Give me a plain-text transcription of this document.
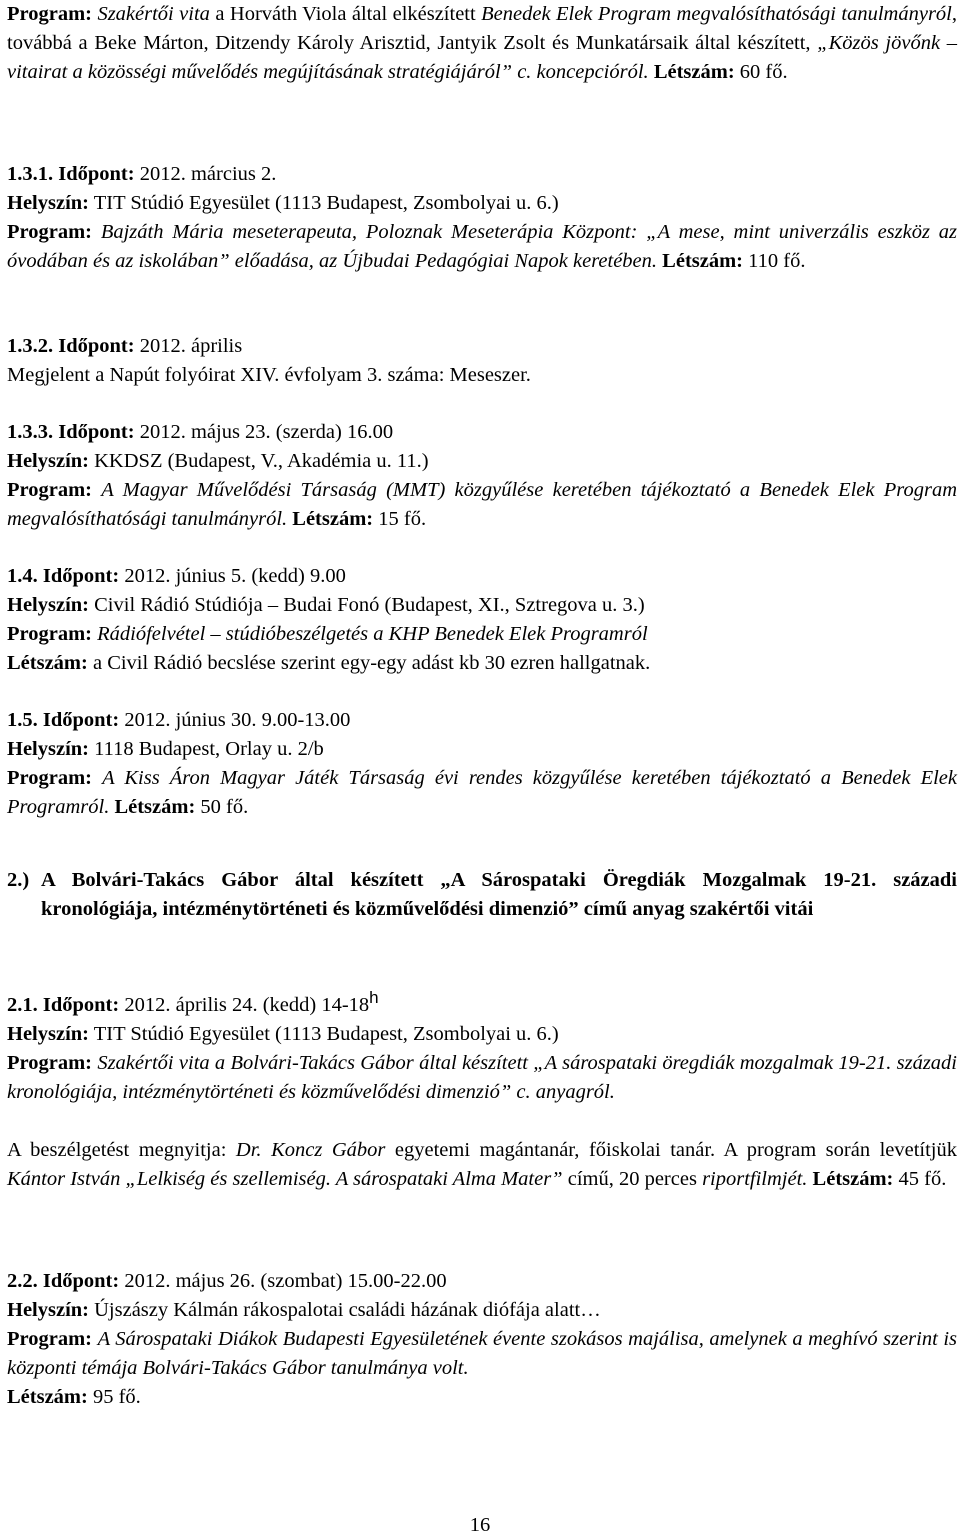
Program: Szakértői vita a Horváth Viola által elkészített Benedek Elek Program megvalósíthatósági tanulmányról, továbbá a Beke Márton, Ditzendy Károly Arisztid, Jantyik Zsolt és Munkatársaik által készített, „Közös jövőnk – vitairat a közösségi művelődés megújításának stratégiájáról” c. koncepcióról. Létszám: 60 fő.

1.3.1. Időpont: 2012. március 2.

Helyszín: TIT Stúdió Egyesület (1113 Budapest, Zsombolyai u. 6.)

Program: Bajzáth Mária meseterapeuta, Poloznak Meseterápia Központ: „A mese, mint univerzális eszköz az óvodában és az iskolában” előadása, az Újbudai Pedagógiai Napok keretében. Létszám: 110 fő.

1.3.2. Időpont: 2012. április

Megjelent a Napút folyóirat XIV. évfolyam 3. száma: Meseszer.

1.3.3. Időpont: 2012. május 23. (szerda) 16.00

Helyszín: KKDSZ (Budapest, V., Akadémia u. 11.)

Program: A Magyar Művelődési Társaság (MMT) közgyűlése keretében tájékoztató a Benedek Elek Program megvalósíthatósági tanulmányról. Létszám: 15 fő.

1.4. Időpont: 2012. június 5. (kedd) 9.00

Helyszín: Civil Rádió Stúdiója – Budai Fonó (Budapest, XI., Sztregova u. 3.)

Program: Rádiófelvétel – stúdióbeszélgetés a KHP Benedek Elek Programról

Létszám: a Civil Rádió becslése szerint egy-egy adást kb 30 ezren hallgatnak.

1.5. Időpont: 2012. június 30. 9.00-13.00

Helyszín: 1118 Budapest, Orlay u. 2/b

Program: A Kiss Áron Magyar Játék Társaság évi rendes közgyűlése keretében tájékoztató a Benedek Elek Programról. Létszám: 50 fő.

2.) A Bolvári-Takács Gábor által készített „A Sárospataki Öregdiák Mozgalmak 19-21. századi kronológiája, intézménytörténeti és közművelődési dimenzió” című anyag szakértői vitái

2.1. Időpont: 2012. április 24. (kedd) 14-18$^h$

Helyszín: TIT Stúdió Egyesület (1113 Budapest, Zsombolyai u. 6.)

Program: Szakértői vita a Bolvári-Takács Gábor által készített „A sárospataki öregdiák mozgalmak 19-21. századi kronológiája, intézménytörténeti és közművelődési dimenzió” c. anyagról.

A beszélgetést megnyitja: Dr. Koncz Gábor egyetemi magántanár, főiskolai tanár. A program során levetítjük Kántor István „Lelkiség és szellemiség. A sárospataki Alma Mater” című, 20 perces riportfilmjét. Létszám: 45 fő.

2.2. Időpont: 2012. május 26. (szombat) 15.00-22.00

Helyszín: Újszászy Kálmán rákospalotai családi házának diófája alatt…

Program: A Sárospataki Diákok Budapesti Egyesületének évente szokásos majálisa, amelynek a meghívó szerint is központi témája Bolvári-Takács Gábor tanulmánya volt.

Létszám: 95 fő.

16
